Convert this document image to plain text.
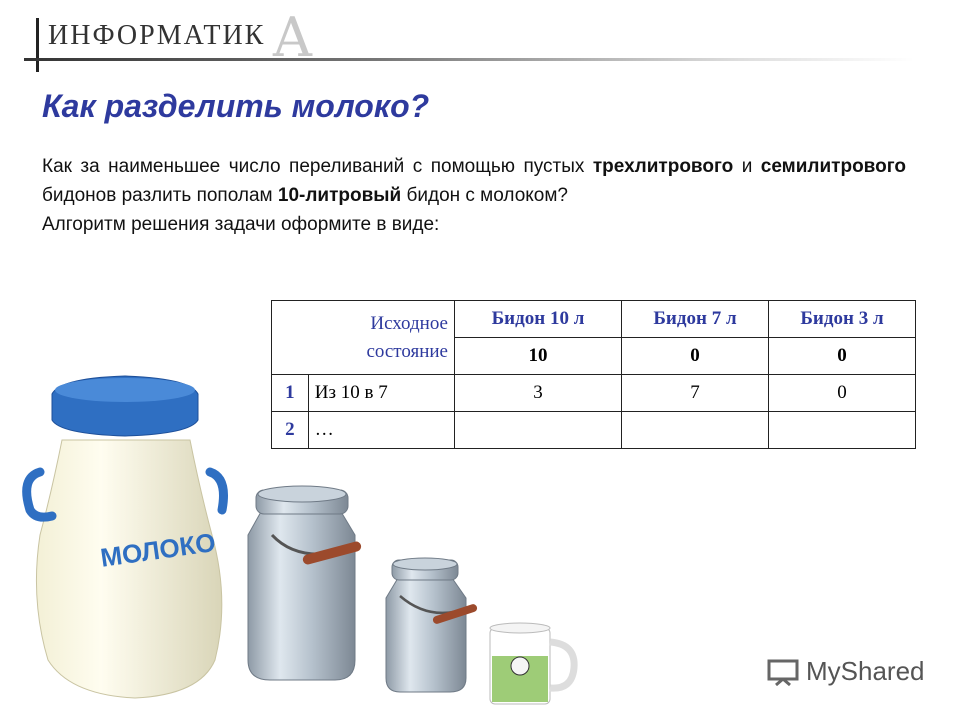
ИНФОРМАТИК А
Как разделить молоко?
Как за наименьшее число переливаний с помощью пустых трехлитрового и семилитрового бидонов разлить пополам 10-литровый бидон с молоком?
Алгоритм решения задачи оформите в виде:
Исходное
состояние		Бидон 10 л	Бидон 7 л	Бидон 3 л
		10	0	0
1	Из 10 в 7	3	7	0
2	…			
МОЛОКО
MyShared
